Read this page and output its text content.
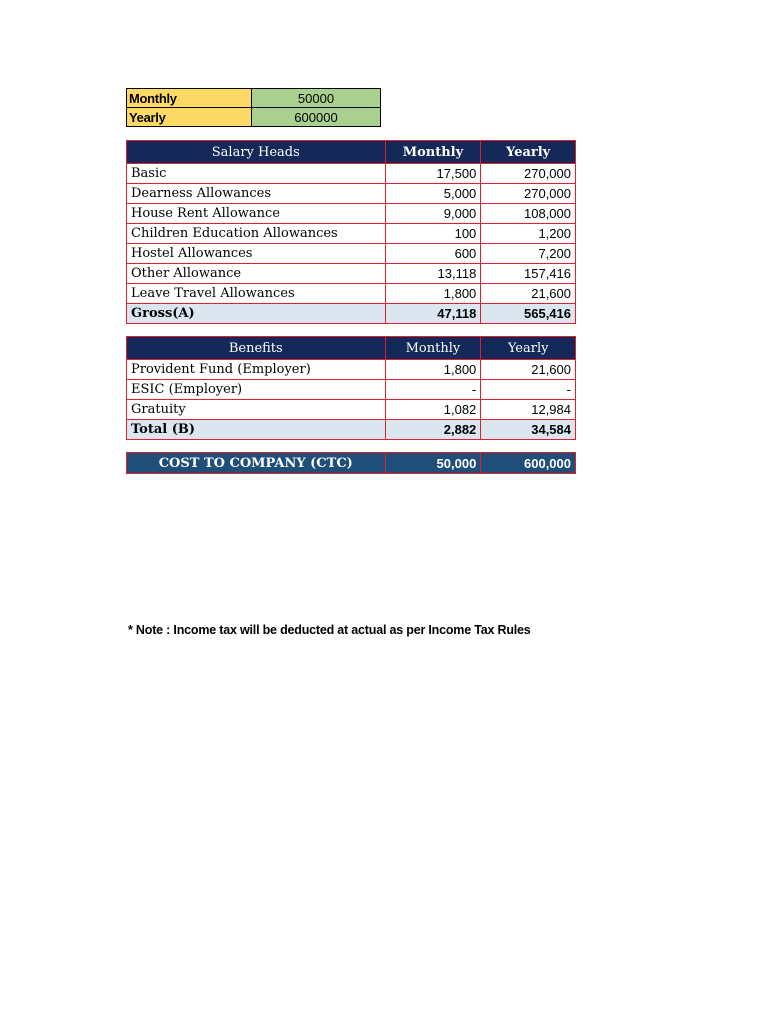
Monthly	50000
Yearly	600000
Salary Heads	Monthly	Yearly
Basic	17,500	270,000
Dearness Allowances	5,000	270,000
House Rent Allowance	9,000	108,000
Children Education Allowances	100	1,200
Hostel Allowances	600	7,200
Other Allowance	13,118	157,416
Leave Travel Allowances	1,800	21,600
Gross(A)	47,118	565,416
Benefits	Monthly	Yearly
Provident Fund (Employer)	1,800	21,600
ESIC (Employer)	-	-
Gratuity	1,082	12,984
Total (B)	2,882	34,584
COST TO COMPANY (CTC)	50,000	600,000
* Note : Income tax will be deducted at actual as per Income Tax Rules
